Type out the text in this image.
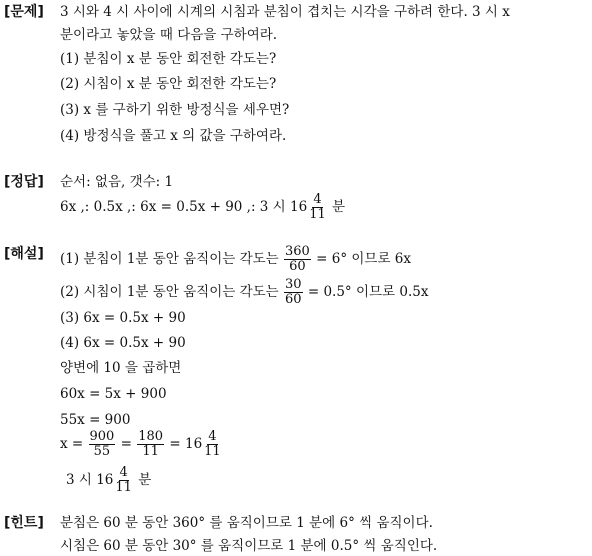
[문제] 3 시와 4 시 사이에 시계의 시침과 분침이 겹치는 시각을 구하려 한다. 3 시 x
분이라고 놓았을 때 다음을 구하여라.
(1) 분침이 x 분 동안 회전한 각도는?
(2) 시침이 x 분 동안 회전한 각도는?
(3) x 를 구하기 위한 방정식을 세우면?
(4) 방정식을 풀고 x 의 값을 구하여라.
[정답] 순서: 없음, 갯수: 1
6x ,: 0.5x ,: 6x = 0.5x + 90 ,: 3 시 $16 \frac{4}{11}$ 분
[해설] (1) 분침이 1분 동안 움직이는 각도는 $\frac{360}{60} = 6^\circ$ 이므로 6x
(2) 시침이 1분 동안 움직이는 각도는 $\frac{30}{60} = 0.5^\circ$ 이므로 0.5x
(3) 6x = 0.5x + 90
(4) 6x = 0.5x + 90
양변에 10 을 곱하면
60x = 5x + 900
55x = 900
$x = \frac{900}{55} = \frac{180}{11} = 16 \frac{4}{11}$
3 시 $16 \frac{4}{11}$ 분
[힌트] 분침은 60 분 동안 360° 를 움직이므로 1 분에 6° 씩 움직이다.
시침은 60 분 동안 30° 를 움직이므로 1 분에 0.5° 씩 움직인다.
